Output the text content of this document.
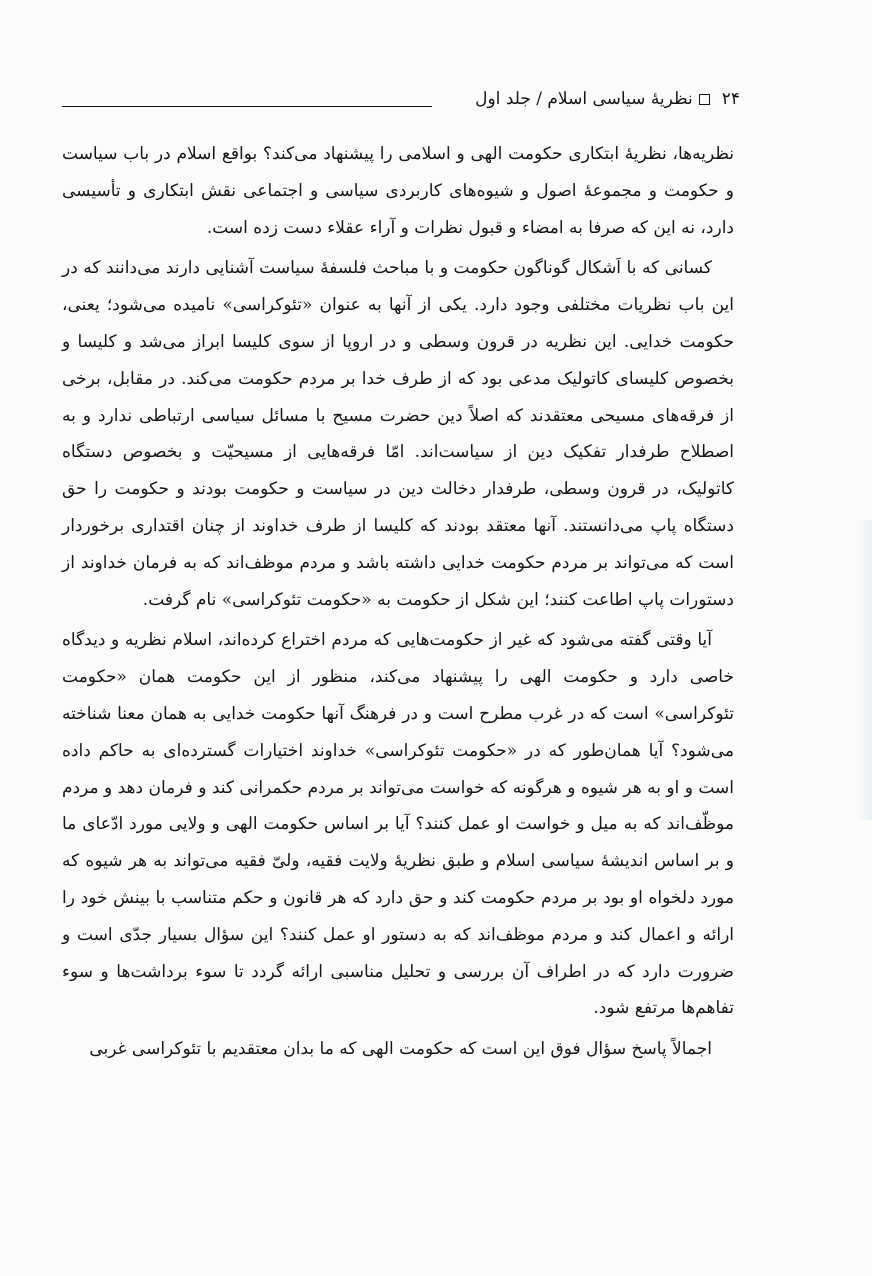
۲۴نظریهٔ سیاسی اسلام / جلد اول

نظریه‌ها، نظریهٔ ابتکاری حکومت الهی و اسلامی را پیشنهاد می‌کند؟ بواقع اسلام در باب سیاست و حکومت و مجموعهٔ اصول و شیوه‌های کاربردی سیاسی و اجتماعی نقش ابتکاری و تأسیسی دارد، نه این که صرفا به امضاء و قبول نظرات و آراء عقلاء دست زده است.

کسانی که با اَشکال گوناگون حکومت و با مباحث فلسفهٔ سیاست آشنایی دارند می‌دانند که در این باب نظریات مختلفی وجود دارد. یکی از آنها به عنوان «تئوکراسی» نامیده می‌شود؛ یعنی، حکومت خدایی. این نظریه در قرون وسطی و در اروپا از سوی کلیسا ابراز می‌شد و کلیسا و بخصوص کلیسای کاتولیک مدعی بود که از طرف خدا بر مردم حکومت می‌کند. در مقابل، برخی از فرقه‌های مسیحی معتقدند که اصلاً دین حضرت مسیح با مسائل سیاسی ارتباطی ندارد و به اصطلاح طرفدار تفکیک دین از سیاست‌اند. امّا فرقه‌هایی از مسیحیّت و بخصوص دستگاه کاتولیک، در قرون وسطی، طرفدار دخالت دین در سیاست و حکومت بودند و حکومت را حق دستگاه پاپ می‌دانستند. آنها معتقد بودند که کلیسا از طرف خداوند از چنان اقتداری برخوردار است که می‌تواند بر مردم حکومت خدایی داشته باشد و مردم موظف‌اند که به فرمان خداوند از دستورات پاپ اطاعت کنند؛ این شکل از حکومت به «حکومت تئوکراسی» نام گرفت.

آیا وقتی گفته می‌شود که غیر از حکومت‌هایی که مردم اختراع کرده‌اند، اسلام نظریه و دیدگاه خاصی دارد و حکومت الهی را پیشنهاد می‌کند، منظور از این حکومت همان «حکومت تئوکراسی» است که در غرب مطرح است و در فرهنگ آنها حکومت خدایی به همان معنا شناخته می‌شود؟ آیا همان‌طور که در «حکومت تئوکراسی» خداوند اختیارات گسترده‌ای به حاکم داده است و او به هر شیوه و هرگونه که خواست می‌تواند بر مردم حکمرانی کند و فرمان دهد و مردم موظّف‌اند که به میل و خواست او عمل کنند؟ آیا بر اساس حکومت الهی و ولایی مورد ادّعای ما و بر اساس اندیشهٔ سیاسی اسلام و طبق نظریهٔ ولایت فقیه، ولیّ فقیه می‌تواند به هر شیوه که مورد دلخواه او بود بر مردم حکومت کند و حق دارد که هر قانون و حکم متناسب با بینش خود را ارائه و اعمال کند و مردم موظف‌اند که به دستور او عمل کنند؟ این سؤال بسیار جدّی است و ضرورت دارد که در اطراف آن بررسی و تحلیل مناسبی ارائه گردد تا سوء برداشت‌ها و سوء تفاهم‌ها مرتفع شود.

اجمالاً پاسخ سؤال فوق این است که حکومت الهی که ما بدان معتقدیم با تئوکراسی غربی
